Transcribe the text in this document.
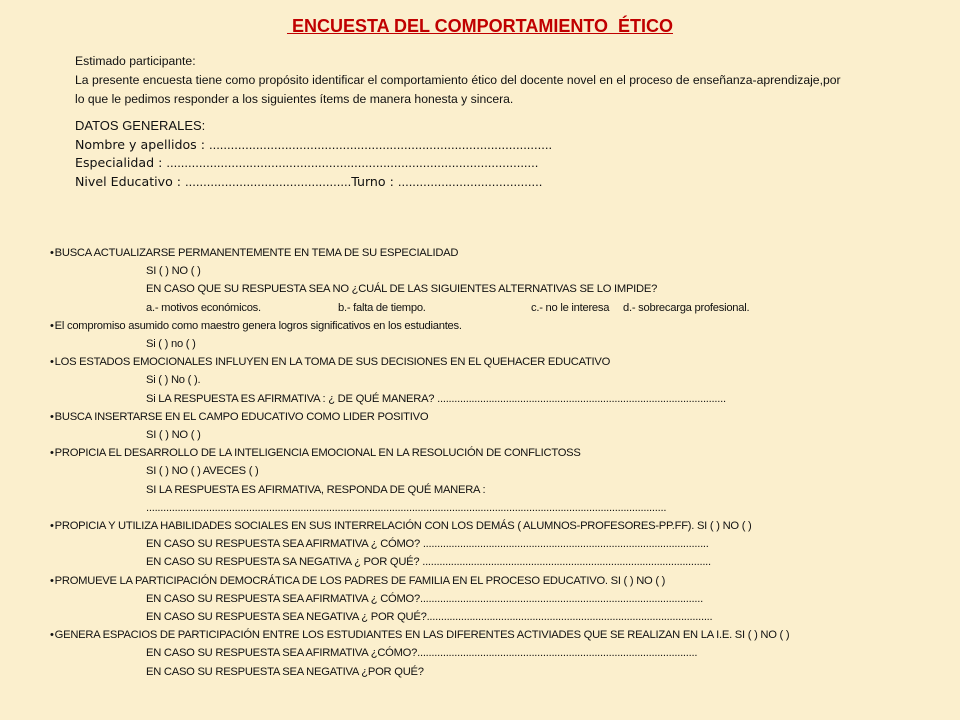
ENCUESTA DEL COMPORTAMIENTO  ÉTICO
Estimado participante:
La presente encuesta tiene como propósito identificar el comportamiento ético del docente novel en el proceso de enseñanza-aprendizaje,por
lo que le pedimos responder a los siguientes ítems de manera honesta y sincera.
DATOS GENERALES:
Nombre y apellidos : ...............................................................................................
Especialidad : .......................................................................................................
Nivel Educativo : ..............................................Turno : ........................................
• BUSCA ACTUALIZARSE PERMANENTEMENTE EN TEMA DE SU ESPECIALIDAD
SI ( ) NO ( )
EN CASO QUE SU RESPUESTA SEA NO ¿CUÁL DE LAS SIGUIENTES ALTERNATIVAS SE LO IMPIDE?
a.- motivos económicos.	b.- falta de tiempo.	c.- no le interesa d.- sobrecarga profesional.
• El compromiso asumido como maestro genera logros significativos en los estudiantes.
Si ( ) no ( )
• LOS ESTADOS EMOCIONALES INFLUYEN EN LA TOMA DE SUS DECISIONES EN EL QUEHACER EDUCATIVO
Si ( ) No ( ).
Si LA RESPUESTA ES AFIRMATIVA : ¿ DE QUÉ MANERA? .....................................................................................................
• BUSCA INSERTARSE EN EL CAMPO EDUCATIVO COMO LIDER POSITIVO
SI ( ) NO ( )
• PROPICIA EL DESARROLLO DE LA INTELIGENCIA EMOCIONAL EN LA RESOLUCIÓN DE CONFLICTOSS
SI ( ) NO ( ) AVECES ( )
SI LA RESPUESTA ES AFIRMATIVA, RESPONDA DE QUÉ MANERA :
......................................................................................................................................................................................
• PROPICIA Y UTILIZA HABILIDADES SOCIALES EN SUS INTERRELACIÓN CON LOS DEMÁS ( ALUMNOS-PROFESORES-PP.FF). SI ( ) NO ( )
EN CASO SU RESPUESTA SEA AFIRMATIVA ¿ CÓMO? ....................................................................................................
EN CASO SU RESPUESTA SA NEGATIVA ¿ POR QUÉ? .....................................................................................................
• PROMUEVE LA PARTICIPACIÓN DEMOCRÁTICA DE LOS PADRES DE FAMILIA EN EL PROCESO EDUCATIVO. SI ( ) NO ( )
EN CASO SU RESPUESTA SEA AFIRMATIVA ¿ CÓMO?...................................................................................................
EN CASO SU RESPUESTA SEA NEGATIVA ¿ POR QUÉ?....................................................................................................
• GENERA ESPACIOS DE PARTICIPACIÓN ENTRE LOS ESTUDIANTES EN LAS DIFERENTES ACTIVIADES QUE SE REALIZAN EN LA I.E. SI ( ) NO ( )
EN CASO SU RESPUESTA SEA AFIRMATIVA ¿CÓMO?..................................................................................................
EN CASO SU RESPUESTA SEA NEGATIVA ¿POR QUÉ?
